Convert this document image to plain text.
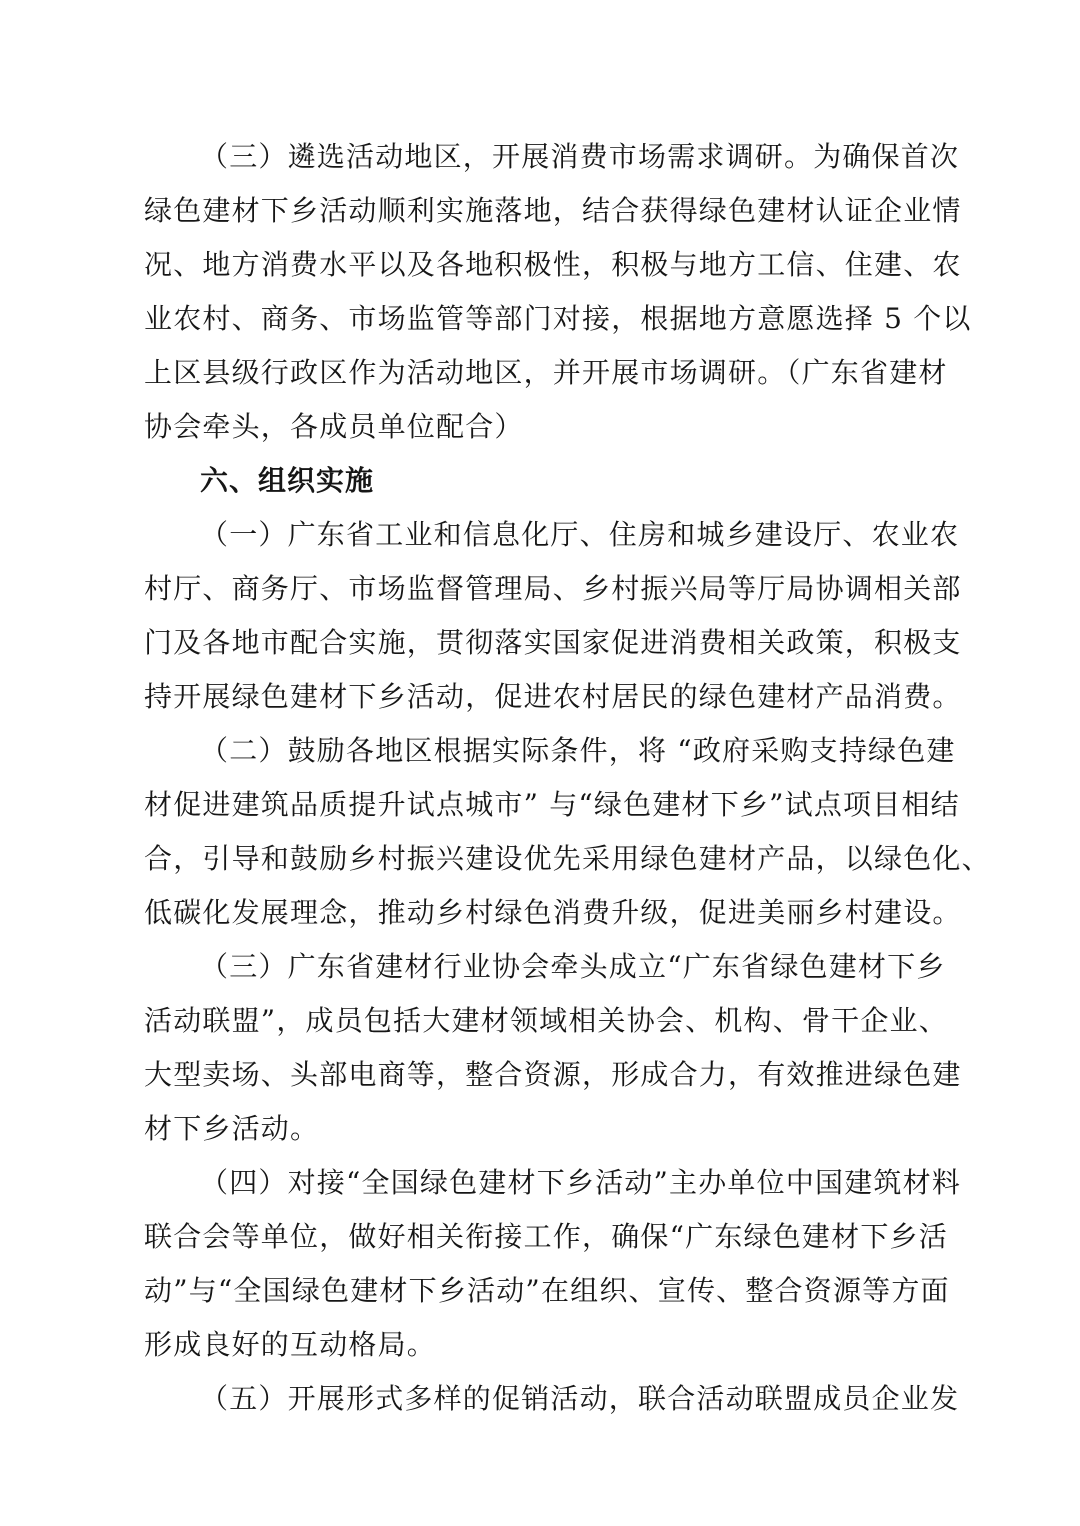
（三）遴选活动地区，开展消费市场需求调研。为确保首次
绿色建材下乡活动顺利实施落地，结合获得绿色建材认证企业情
况、地方消费水平以及各地积极性，积极与地方工信、住建、农
业农村、商务、市场监管等部门对接，根据地方意愿选择 5 个以
上区县级行政区作为活动地区，并开展市场调研。（广东省建材
协会牵头，各成员单位配合）
六、组织实施
（一）广东省工业和信息化厅、住房和城乡建设厅、农业农
村厅、商务厅、市场监督管理局、乡村振兴局等厅局协调相关部
门及各地市配合实施，贯彻落实国家促进消费相关政策，积极支
持开展绿色建材下乡活动，促进农村居民的绿色建材产品消费。
（二）鼓励各地区根据实际条件，将 “政府采购支持绿色建
材促进建筑品质提升试点城市” 与“绿色建材下乡”试点项目相结
合，引导和鼓励乡村振兴建设优先采用绿色建材产品，以绿色化、
低碳化发展理念，推动乡村绿色消费升级，促进美丽乡村建设。
（三）广东省建材行业协会牵头成立“广东省绿色建材下乡
活动联盟”，成员包括大建材领域相关协会、机构、骨干企业、
大型卖场、头部电商等，整合资源，形成合力，有效推进绿色建
材下乡活动。
（四）对接“全国绿色建材下乡活动”主办单位中国建筑材料
联合会等单位，做好相关衔接工作，确保“广东绿色建材下乡活
动”与“全国绿色建材下乡活动”在组织、宣传、整合资源等方面
形成良好的互动格局。
（五）开展形式多样的促销活动，联合活动联盟成员企业发
